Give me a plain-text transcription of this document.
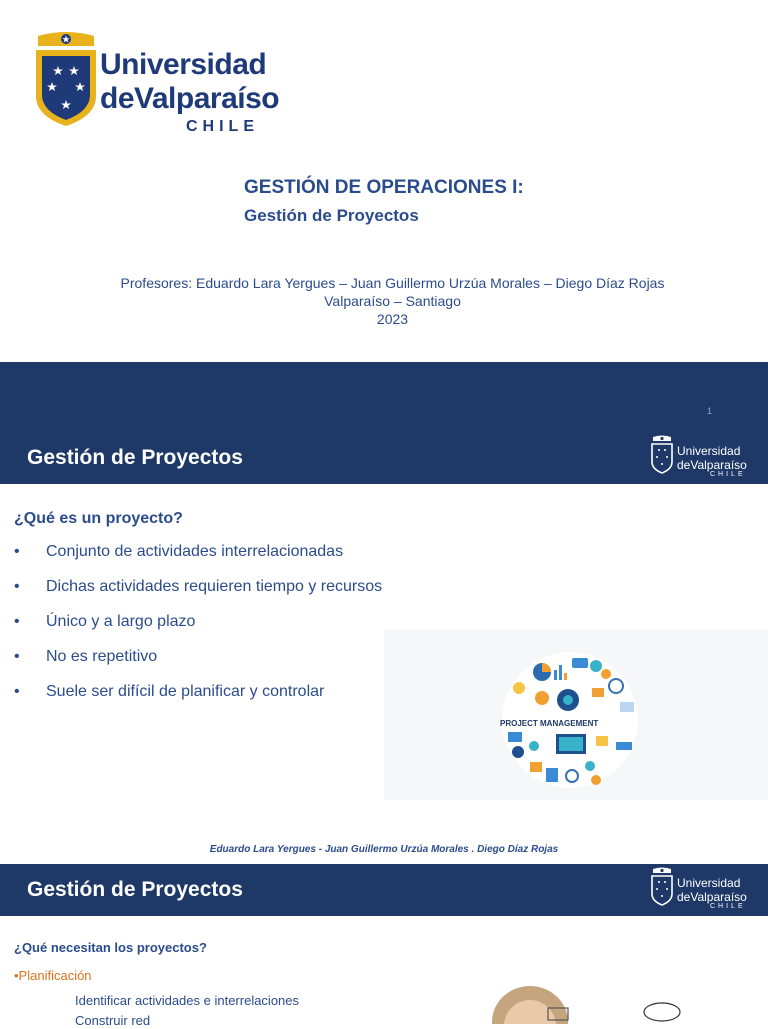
Universidad
deValparaíso
CHILE
GESTIÓN DE OPERACIONES I:
Gestión de Proyectos
Profesores: Eduardo Lara Yergues – Juan Guillermo Urzúa Morales – Diego Díaz Rojas
Valparaíso – Santiago
2023
1
Gestión de Proyectos	Universidad
deValparaíso
CHILE
¿Qué es un proyecto?
• Conjunto de actividades interrelacionadas
• Dichas actividades requieren tiempo y recursos
• Único y a largo plazo
• No es repetitivo
• Suele ser difícil de planificar y controlar
PROJECT MANAGEMENT
Eduardo Lara Yergues - Juan Guillermo Urzúa Morales . Diego Díaz Rojas
Gestión de Proyectos	Universidad
deValparaíso
CHILE
¿Qué necesitan los proyectos?
•Planificación
Identificar actividades e interrelaciones
Construir red
